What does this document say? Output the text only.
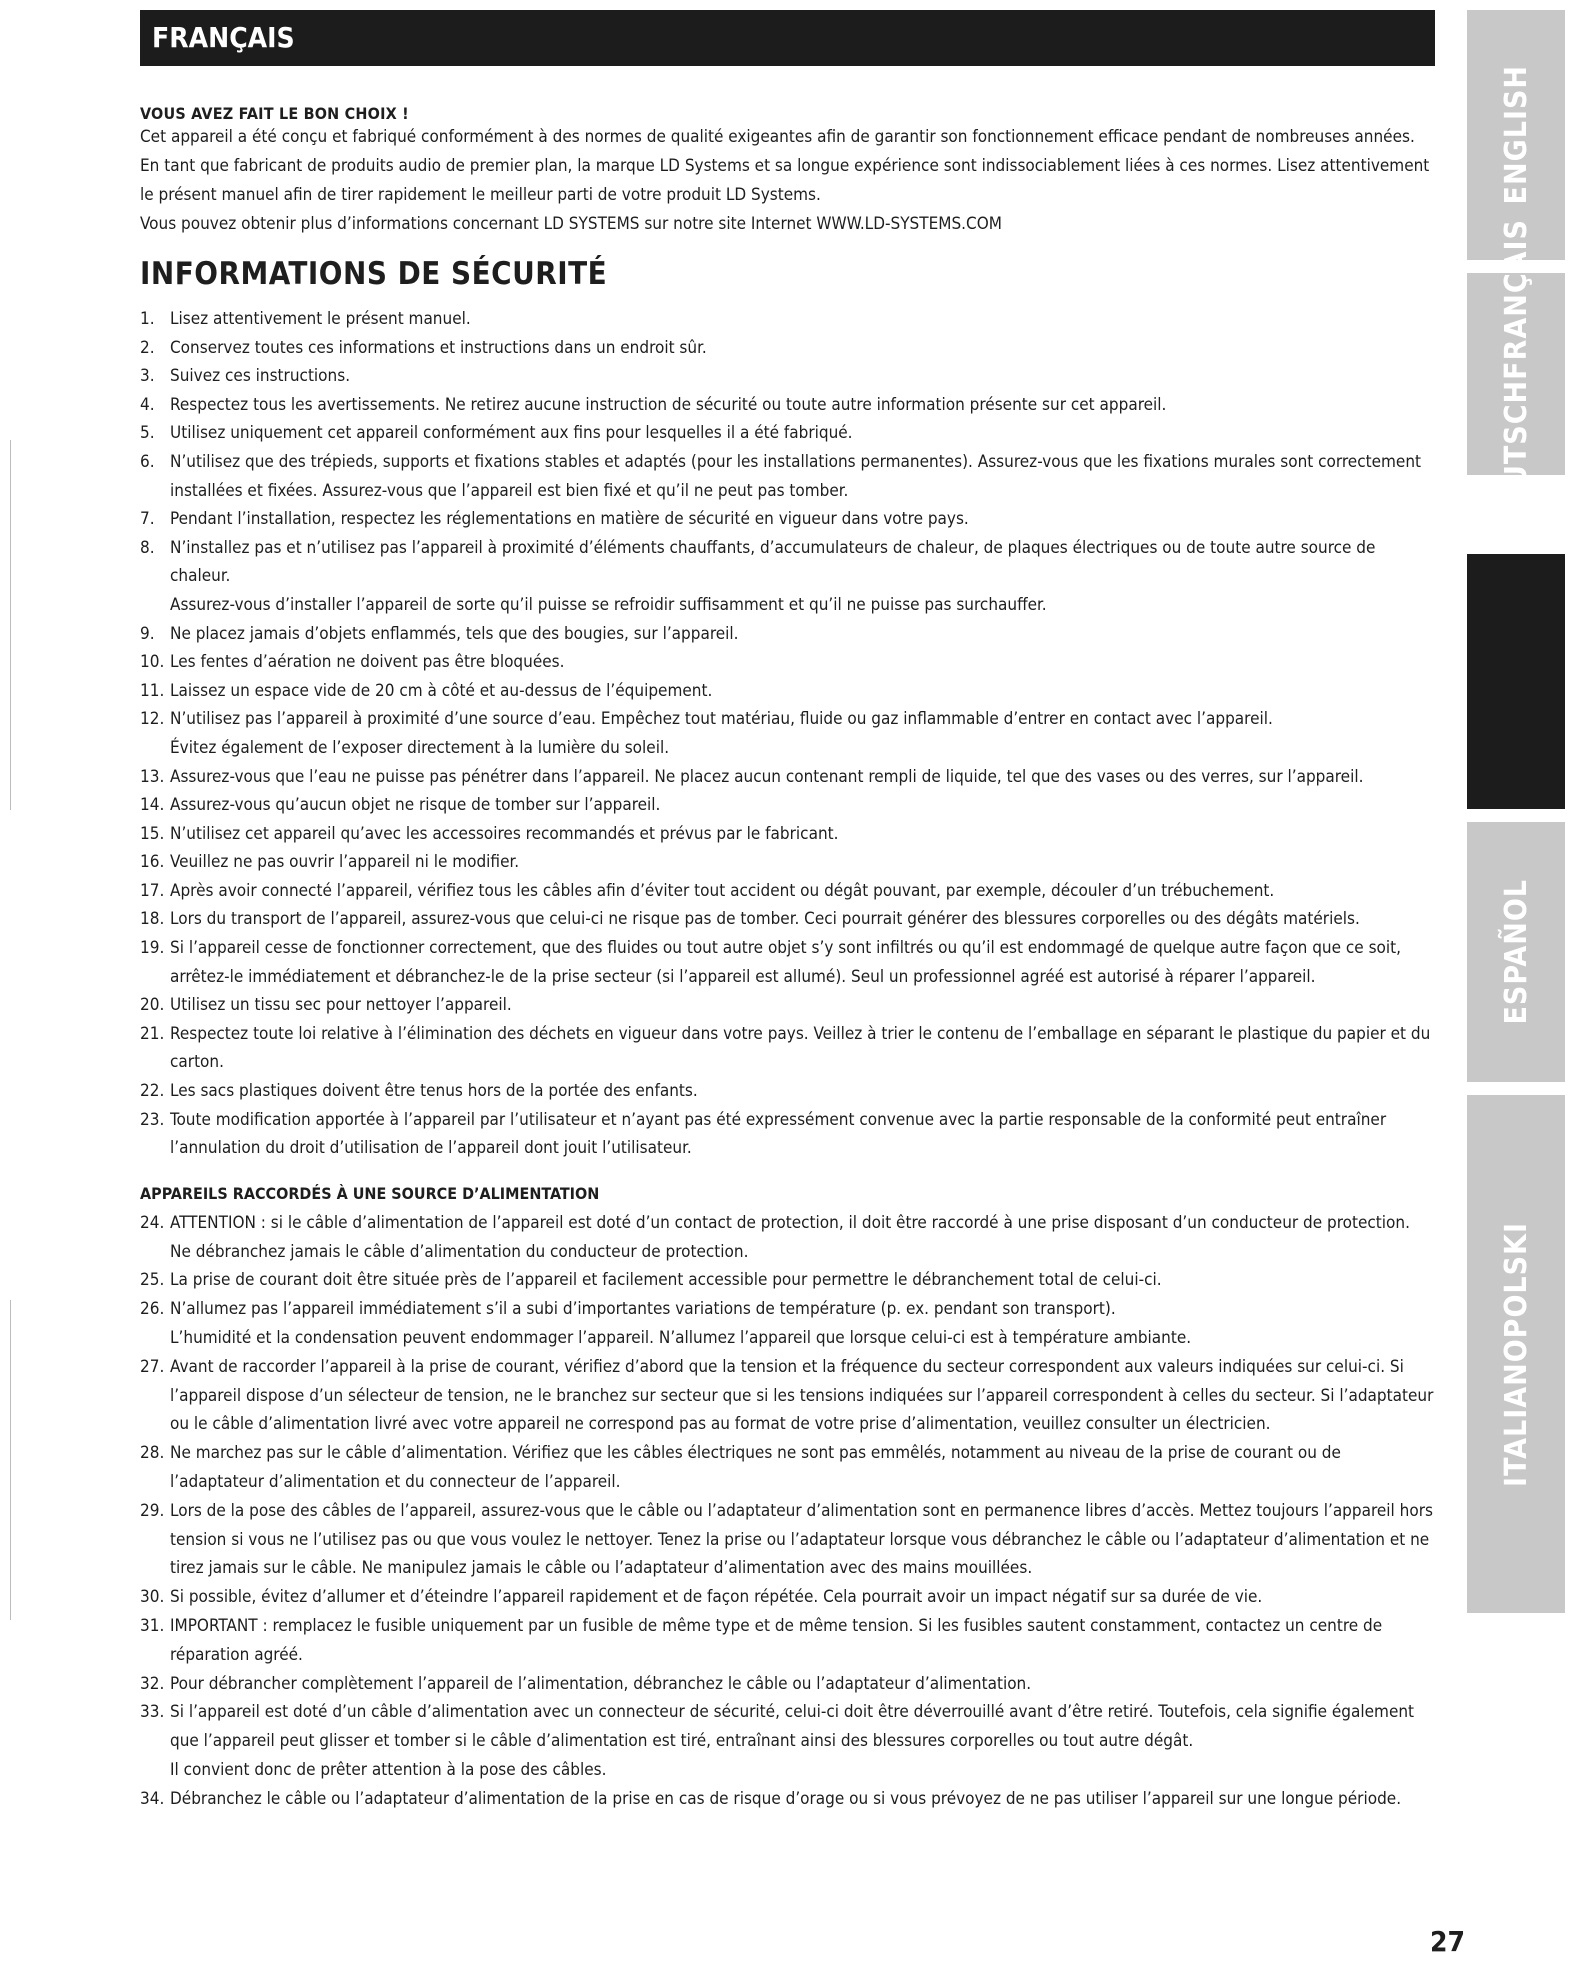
FRANÇAIS
VOUS AVEZ FAIT LE BON CHOIX !

Cet appareil a été conçu et fabriqué conformément à des normes de qualité exigeantes afin de garantir son fonctionnement efficace pendant de nombreuses années. En tant que fabricant de produits audio de premier plan, la marque LD Systems et sa longue expérience sont indissociablement liées à ces normes. Lisez attentivement le présent manuel afin de tirer rapidement le meilleur parti de votre produit LD Systems.

Vous pouvez obtenir plus d’informations concernant LD SYSTEMS sur notre site Internet WWW.LD-SYSTEMS.COM

INFORMATIONS DE SÉCURITÉ
1. Lisez attentivement le présent manuel.
2. Conservez toutes ces informations et instructions dans un endroit sûr.
3. Suivez ces instructions.
4. Respectez tous les avertissements. Ne retirez aucune instruction de sécurité ou toute autre information présente sur cet appareil.
5. Utilisez uniquement cet appareil conformément aux fins pour lesquelles il a été fabriqué.
6. N’utilisez que des trépieds, supports et fixations stables et adaptés (pour les installations permanentes). Assurez-vous que les fixations murales sont correctement installées et fixées. Assurez-vous que l’appareil est bien fixé et qu’il ne peut pas tomber.
7. Pendant l’installation, respectez les réglementations en matière de sécurité en vigueur dans votre pays.
8. N’installez pas et n’utilisez pas l’appareil à proximité d’éléments chauffants, d’accumulateurs de chaleur, de plaques électriques ou de toute autre source de chaleur.
Assurez-vous d’installer l’appareil de sorte qu’il puisse se refroidir suffisamment et qu’il ne puisse pas surchauffer.
9. Ne placez jamais d’objets enflammés, tels que des bougies, sur l’appareil.
10. Les fentes d’aération ne doivent pas être bloquées.
11. Laissez un espace vide de 20 cm à côté et au-dessus de l’équipement.
12. N’utilisez pas l’appareil à proximité d’une source d’eau. Empêchez tout matériau, fluide ou gaz inflammable d’entrer en contact avec l’appareil.
Évitez également de l’exposer directement à la lumière du soleil.
13. Assurez-vous que l’eau ne puisse pas pénétrer dans l’appareil. Ne placez aucun contenant rempli de liquide, tel que des vases ou des verres, sur l’appareil.
14. Assurez-vous qu’aucun objet ne risque de tomber sur l’appareil.
15. N’utilisez cet appareil qu’avec les accessoires recommandés et prévus par le fabricant.
16. Veuillez ne pas ouvrir l’appareil ni le modifier.
17. Après avoir connecté l’appareil, vérifiez tous les câbles afin d’éviter tout accident ou dégât pouvant, par exemple, découler d’un trébuchement.
18. Lors du transport de l’appareil, assurez-vous que celui-ci ne risque pas de tomber. Ceci pourrait générer des blessures corporelles ou des dégâts matériels.
19. Si l’appareil cesse de fonctionner correctement, que des fluides ou tout autre objet s’y sont infiltrés ou qu’il est endommagé de quelque autre façon que ce soit, arrêtez-le immédiatement et débranchez-le de la prise secteur (si l’appareil est allumé). Seul un professionnel agréé est autorisé à réparer l’appareil.
20. Utilisez un tissu sec pour nettoyer l’appareil.
21. Respectez toute loi relative à l’élimination des déchets en vigueur dans votre pays. Veillez à trier le contenu de l’emballage en séparant le plastique du papier et du carton.
22. Les sacs plastiques doivent être tenus hors de la portée des enfants.
23. Toute modification apportée à l’appareil par l’utilisateur et n’ayant pas été expressément convenue avec la partie responsable de la conformité peut entraîner l’annulation du droit d’utilisation de l’appareil dont jouit l’utilisateur.
APPAREILS RACCORDÉS À UNE SOURCE D’ALIMENTATION
24. ATTENTION : si le câble d’alimentation de l’appareil est doté d’un contact de protection, il doit être raccordé à une prise disposant d’un conducteur de protection. Ne débranchez jamais le câble d’alimentation du conducteur de protection.
25. La prise de courant doit être située près de l’appareil et facilement accessible pour permettre le débranchement total de celui-ci.
26. N’allumez pas l’appareil immédiatement s’il a subi d’importantes variations de température (p. ex. pendant son transport).
L’humidité et la condensation peuvent endommager l’appareil. N’allumez l’appareil que lorsque celui-ci est à température ambiante.
27. Avant de raccorder l’appareil à la prise de courant, vérifiez d’abord que la tension et la fréquence du secteur correspondent aux valeurs indiquées sur celui-ci. Si l’appareil dispose d’un sélecteur de tension, ne le branchez sur secteur que si les tensions indiquées sur l’appareil correspondent à celles du secteur. Si l’adaptateur ou le câble d’alimentation livré avec votre appareil ne correspond pas au format de votre prise d’alimentation, veuillez consulter un électricien.
28. Ne marchez pas sur le câble d’alimentation. Vérifiez que les câbles électriques ne sont pas emmêlés, notamment au niveau de la prise de courant ou de l’adaptateur d’alimentation et du connecteur de l’appareil.
29. Lors de la pose des câbles de l’appareil, assurez-vous que le câble ou l’adaptateur d’alimentation sont en permanence libres d’accès. Mettez toujours l’appareil hors tension si vous ne l’utilisez pas ou que vous voulez le nettoyer. Tenez la prise ou l’adaptateur lorsque vous débranchez le câble ou l’adaptateur d’alimentation et ne tirez jamais sur le câble. Ne manipulez jamais le câble ou l’adaptateur d’alimentation avec des mains mouillées.
30. Si possible, évitez d’allumer et d’éteindre l’appareil rapidement et de façon répétée. Cela pourrait avoir un impact négatif sur sa durée de vie.
31. IMPORTANT : remplacez le fusible uniquement par un fusible de même type et de même tension. Si les fusibles sautent constamment, contactez un centre de réparation agréé.
32. Pour débrancher complètement l’appareil de l’alimentation, débranchez le câble ou l’adaptateur d’alimentation.
33. Si l’appareil est doté d’un câble d’alimentation avec un connecteur de sécurité, celui-ci doit être déverrouillé avant d’être retiré. Toutefois, cela signifie également que l’appareil peut glisser et tomber si le câble d’alimentation est tiré, entraînant ainsi des blessures corporelles ou tout autre dégât.
Il convient donc de prêter attention à la pose des câbles.
34. Débranchez le câble ou l’adaptateur d’alimentation de la prise en cas de risque d’orage ou si vous prévoyez de ne pas utiliser l’appareil sur une longue période.
ENGLISH
DEUTSCHFRANÇAIS
ESPAÑOL
ITALIANOPOLSKI
27
